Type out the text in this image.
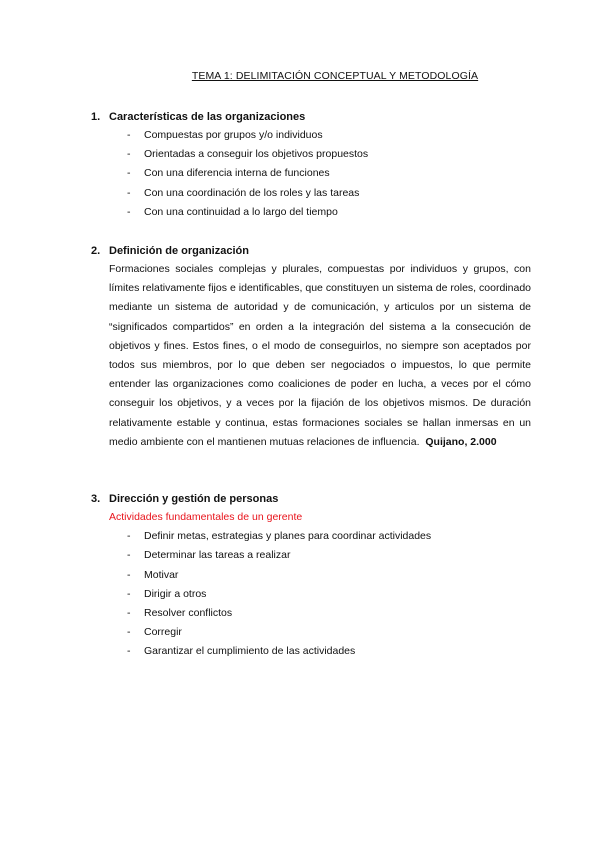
TEMA 1: DELIMITACIÓN CONCEPTUAL Y METODOLOGÍA
1. Características de las organizaciones
-	Compuestas por grupos y/o individuos
-	Orientadas a conseguir los objetivos propuestos
-	Con una diferencia interna de funciones
-	Con una coordinación de los roles y las tareas
-	Con una continuidad a lo largo del tiempo
2. Definición de organización
Formaciones sociales complejas y plurales, compuestas por individuos y grupos, con límites relativamente fijos e identificables, que constituyen un sistema de roles, coordinado mediante un sistema de autoridad y de comunicación, y articulos por un sistema de “significados compartidos” en orden a la integración del sistema a la consecución de objetivos y fines. Estos fines, o el modo de conseguirlos, no siempre son aceptados por todos sus miembros, por lo que deben ser negociados o impuestos, lo que permite entender las organizaciones como coaliciones de poder en lucha, a veces por el cómo conseguir los objetivos, y a veces por la fijación de los objetivos mismos. De duración relativamente estable y continua, estas formaciones sociales se hallan inmersas en un medio ambiente con el mantienen mutuas relaciones de influencia. Quijano, 2.000
3. Dirección y gestión de personas
Actividades fundamentales de un gerente
-	Definir metas, estrategias y planes para coordinar actividades
-	Determinar las tareas a realizar
-	Motivar
-	Dirigir a otros
-	Resolver conflictos
-	Corregir
-	Garantizar el cumplimiento de las actividades
